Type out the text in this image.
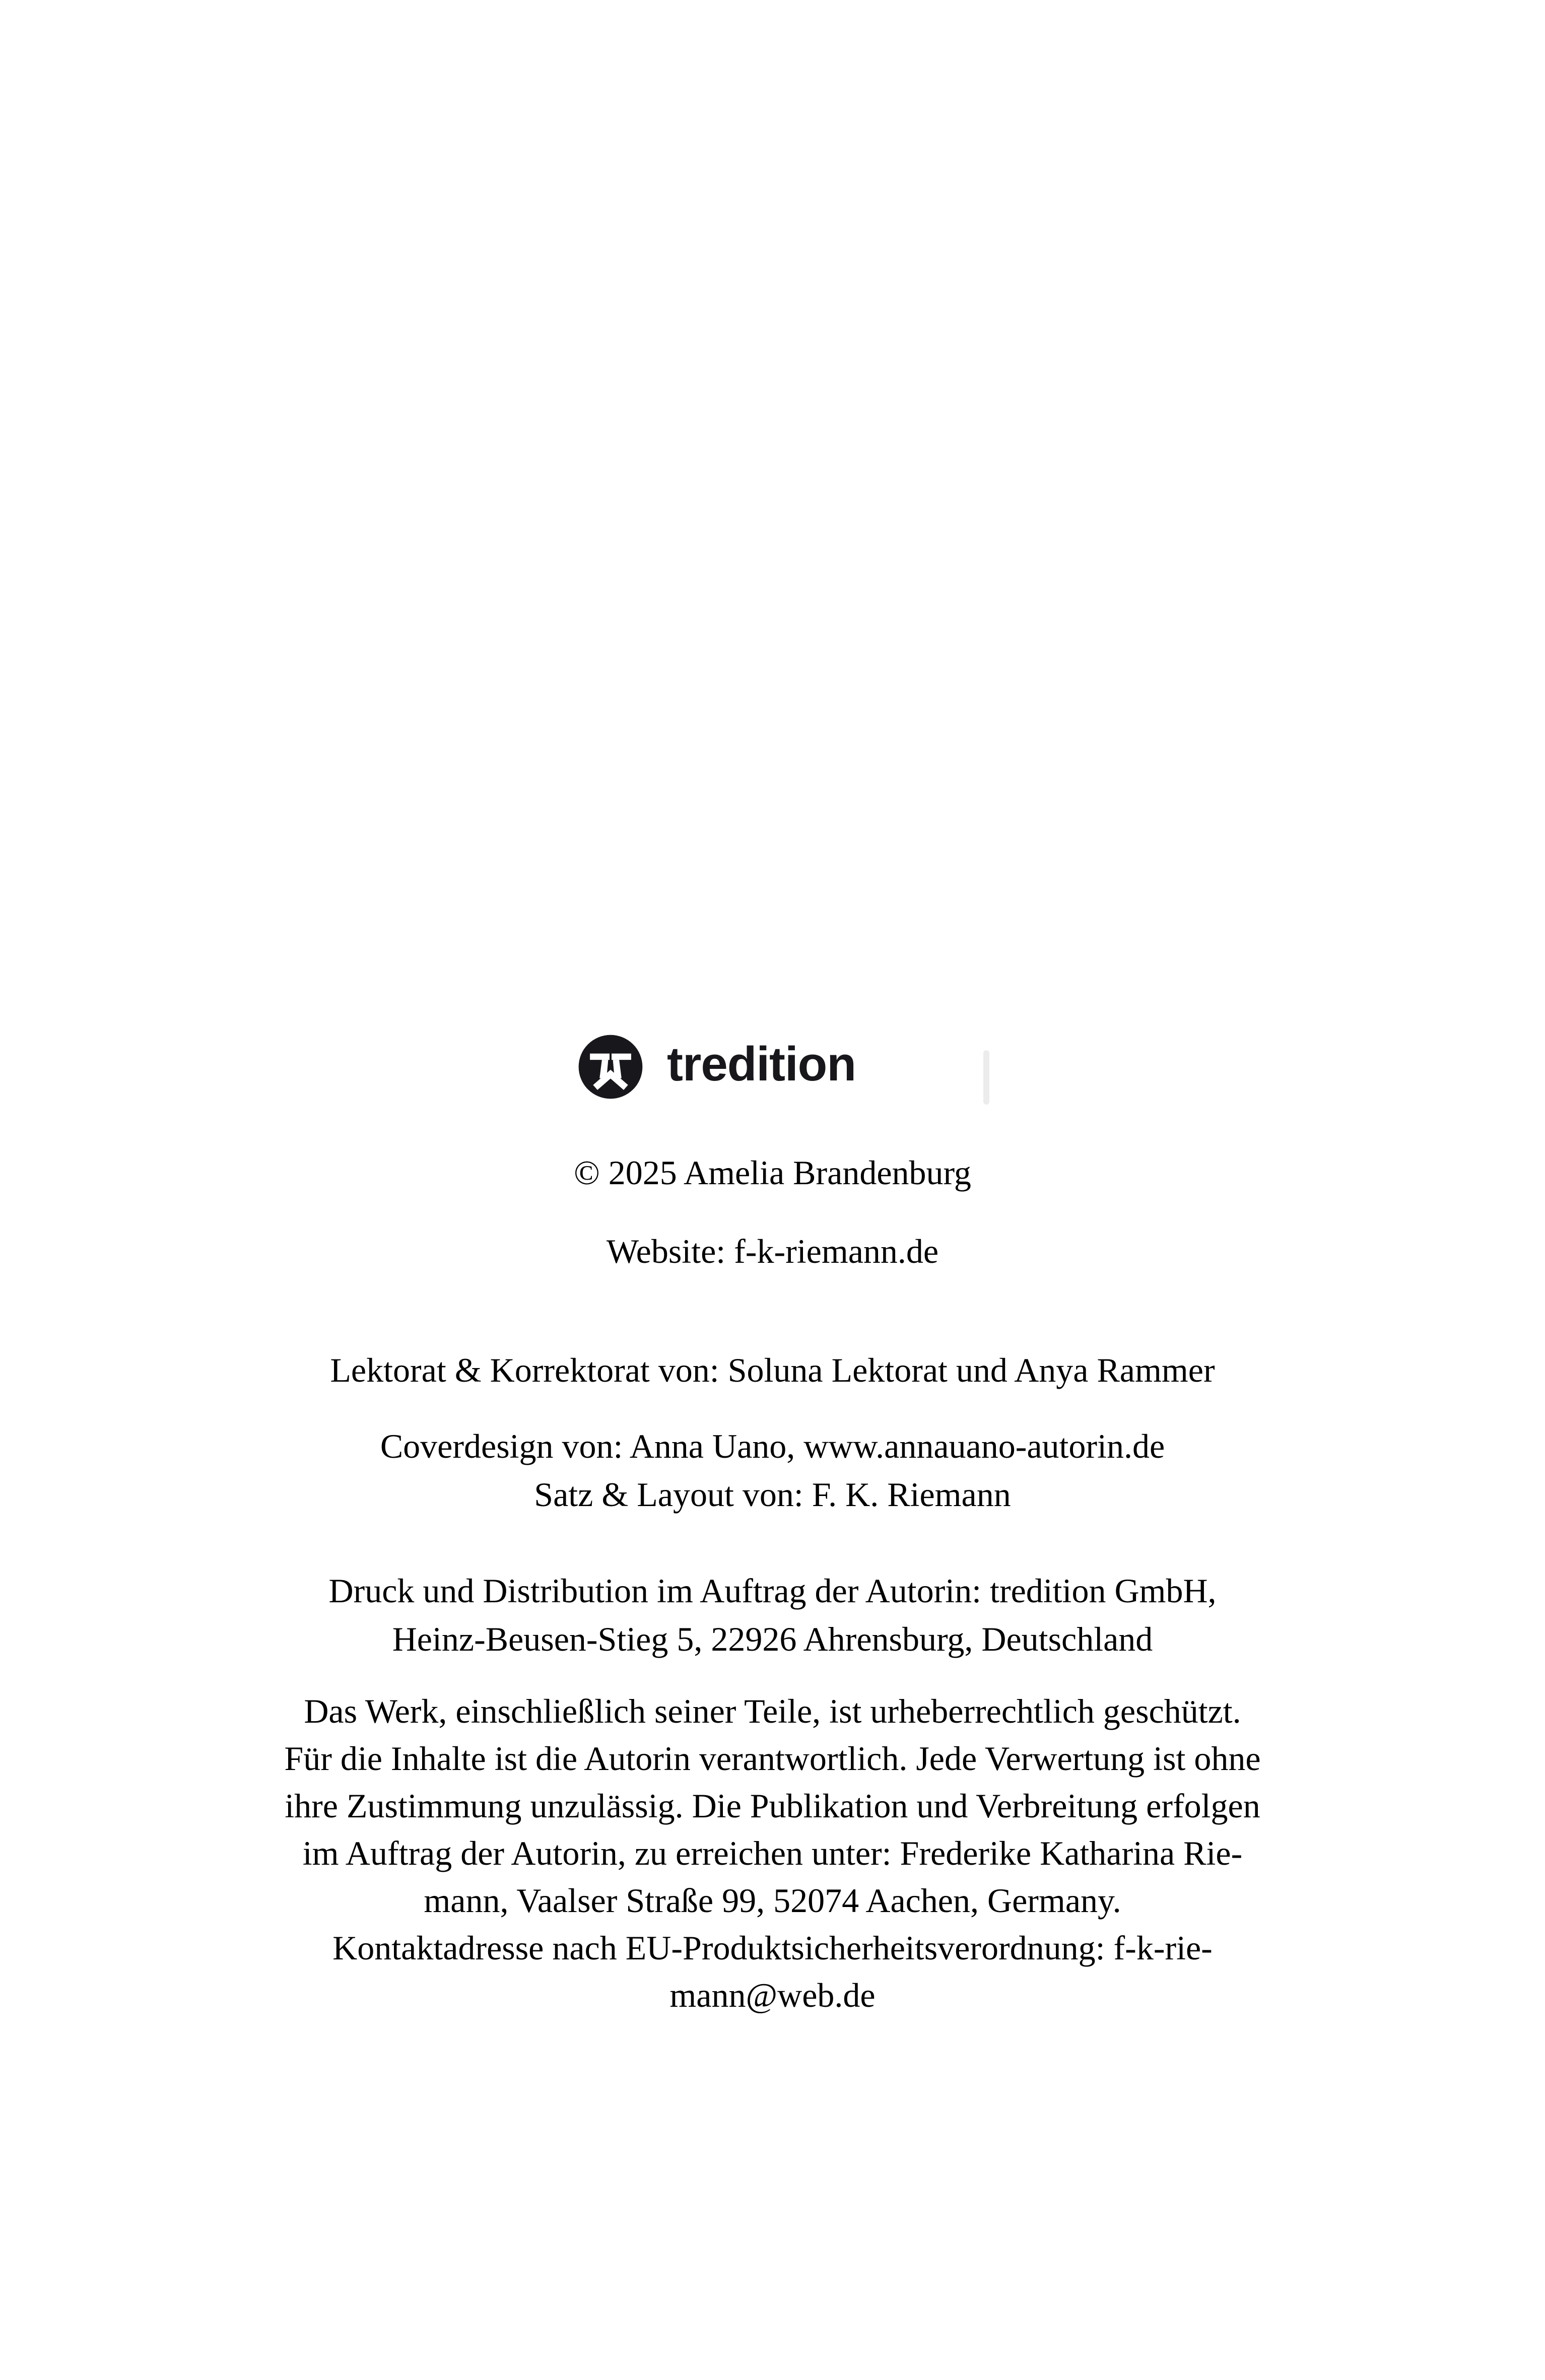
tredition
© 2025 Amelia Brandenburg
Website: f-k-riemann.de
Lektorat & Korrektorat von: Soluna Lektorat und Anya Rammer
Coverdesign von: Anna Uano, www.annauano-autorin.de
Satz & Layout von: F. K. Riemann
Druck und Distribution im Auftrag der Autorin: tredition GmbH,
Heinz-Beusen-Stieg 5, 22926 Ahrensburg, Deutschland
Das Werk, einschließlich seiner Teile, ist urheberrechtlich geschützt.
Für die Inhalte ist die Autorin verantwortlich. Jede Verwertung ist ohne
ihre Zustimmung unzulässig. Die Publikation und Verbreitung erfolgen
im Auftrag der Autorin, zu erreichen unter: Frederike Katharina Rie-
mann, Vaalser Straße 99, 52074 Aachen, Germany.
Kontaktadresse nach EU-Produktsicherheitsverordnung: f-k-rie-
mann@web.de
